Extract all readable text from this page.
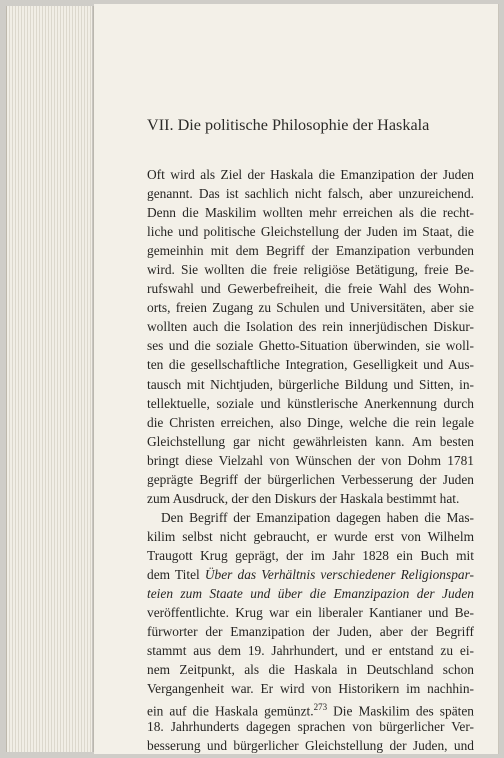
VII. Die politische Philosophie der Haskala
Oft wird als Ziel der Haskala die Emanzipation der Juden
genannt. Das ist sachlich nicht falsch, aber unzureichend.
Denn die Maskilim wollten mehr erreichen als die recht-
liche und politische Gleichstellung der Juden im Staat, die
gemeinhin mit dem Begriff der Emanzipation verbunden
wird. Sie wollten die freie religiöse Betätigung, freie Be-
rufswahl und Gewerbefreiheit, die freie Wahl des Wohn-
orts, freien Zugang zu Schulen und Universitäten, aber sie
wollten auch die Isolation des rein innerjüdischen Diskur-
ses und die soziale Ghetto-Situation überwinden, sie woll-
ten die gesellschaftliche Integration, Geselligkeit und Aus-
tausch mit Nichtjuden, bürgerliche Bildung und Sitten, in-
tellektuelle, soziale und künstlerische Anerkennung durch
die Christen erreichen, also Dinge, welche die rein legale
Gleichstellung gar nicht gewährleisten kann. Am besten
bringt diese Vielzahl von Wünschen der von Dohm 1781
geprägte Begriff der bürgerlichen Verbesserung der Juden
zum Ausdruck, der den Diskurs der Haskala bestimmt hat.
Den Begriff der Emanzipation dagegen haben die Mas-
kilim selbst nicht gebraucht, er wurde erst von Wilhelm
Traugott Krug geprägt, der im Jahr 1828 ein Buch mit
dem Titel Über das Verhältnis verschiedener Religionspar-
teien zum Staate und über die Emanzipazion der Juden
veröffentlichte. Krug war ein liberaler Kantianer und Be-
fürworter der Emanzipation der Juden, aber der Begriff
stammt aus dem 19. Jahrhundert, und er entstand zu ei-
nem Zeitpunkt, als die Haskala in Deutschland schon
Vergangenheit war. Er wird von Historikern im nachhin-
ein auf die Haskala gemünzt.$^{273}$ Die Maskilim des späten
18. Jahrhunderts dagegen sprachen von bürgerlicher Ver-
besserung und bürgerlicher Gleichstellung der Juden, und
